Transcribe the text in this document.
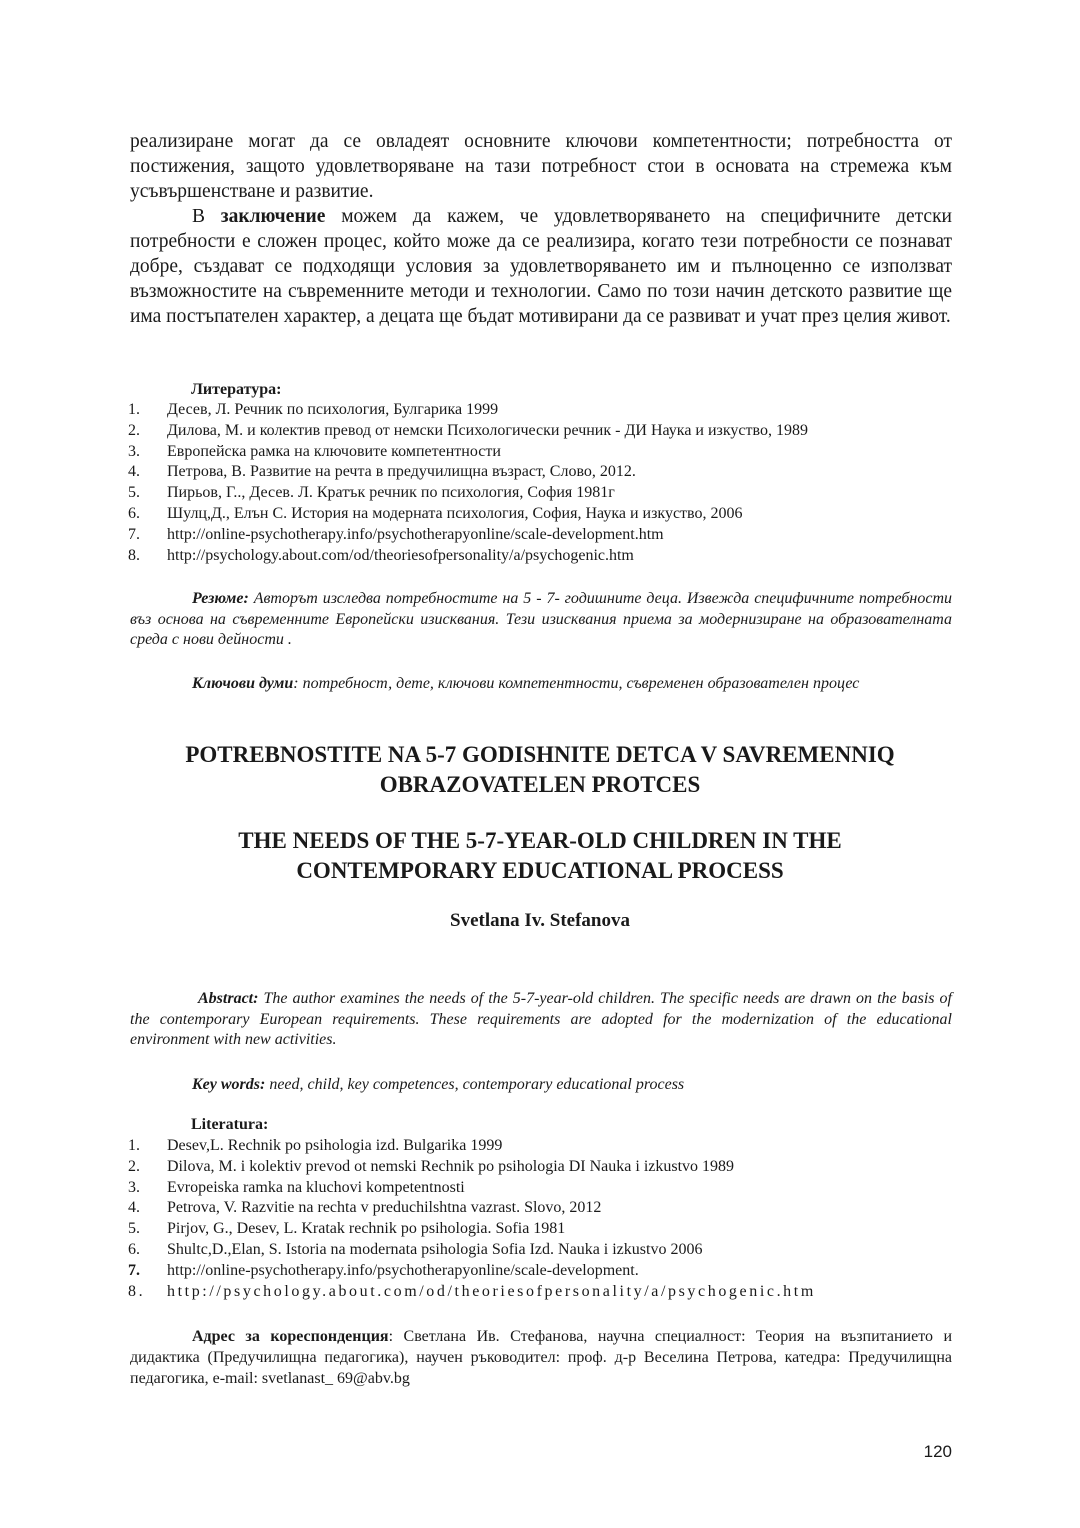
реализиране могат да се овладеят основните ключови компетентности; потребността от постижения, защото удовлетворяване на тази потребност стои в основата на стремежа към усъвършенстване и развитие.

В заключение можем да кажем, че удовлетворяването на специфичните детски потребности е сложен процес, който може да се реализира, когато тези потребности се познават добре, създават се подходящи условия за удовлетворяването им и пълноценно се използват възможностите на съвременните методи и технологии. Само по този начин детското развитие ще има постъпателен характер, а децата ще бъдат мотивирани да се развиват и учат през целия живот.

Литература:
1.	Десев, Л. Речник по психология, Булгарика 1999
2.	Дилова, М. и колектив превод от немски Психологически речник - ДИ Наука и изкуство, 1989
3.	Европейска рамка на ключовите компетентности
4.	Петрова, В. Развитие на речта в предучилищна възраст, Слово, 2012.
5.	Пирьов, Г.., Десев. Л. Кратък речник по психология, София 1981г
6.	Шулц,Д., Елън С. История на модерната психология, София, Наука и изкуство, 2006
7.	http://online-psychotherapy.info/psychotherapyonline/scale-development.htm
8.	http://psychology.about.com/od/theoriesofpersonality/a/psychogenic.htm

Резюме: Авторът изследва потребностите на 5 - 7- годишните деца. Извежда специфичните потребности въз основа на съвременните Европейски изисквания. Тези изисквания приема за модернизиране на образователната среда с нови дейности .

Ключови думи: потребност, дете, ключови компетентности, съвременен образователен процес

POTREBNOSTITE NA 5-7 GODISHNITE DETCA V SAVREMENNIQ
OBRAZOVATELEN PROTCES
THE NEEDS OF THE 5-7-YEAR-OLD CHILDREN IN THE
CONTEMPORARY EDUCATIONAL PROCESS
Svetlana Iv. Stefanova

Abstract: The author examines the needs of the 5-7-year-old children. The specific needs are drawn on the basis of the contemporary European requirements. These requirements are adopted for the modernization of the educational environment with new activities.

Key words: need, child, key competences, contemporary educational process

Literatura:
1.	Desev,L. Rechnik po psihologia izd. Bulgarika 1999
2.	Dilova, M. i kolektiv prevod ot nemski Rechnik po psihologia DI Nauka i izkustvo 1989
3.	Evropeiska ramka na kluchovi kompetentnosti
4.	Petrova, V. Razvitie na rechta v preduchilshtna vazrast. Slovo, 2012
5.	Pirjov, G., Desev, L. Kratak rechnik po psihologia. Sofia 1981
6.	Shultc,D.,Elan, S. Istoria na modernata psihologia Sofia Izd. Nauka i izkustvo 2006
7.	http://online-psychotherapy.info/psychotherapyonline/scale-development.
8.	http://psychology.about.com/od/theoriesofpersonality/a/psychogenic.htm

Адрес за кореспонденция: Светлана Ив. Стефанова, научна специалност: Теория на възпитанието и дидактика (Предучилищна педагогика), научен ръководител: проф. д-р Веселина Петрова, катедра: Предучилищна педагогика, e-mail: svetlanast_ 69@abv.bg

120
